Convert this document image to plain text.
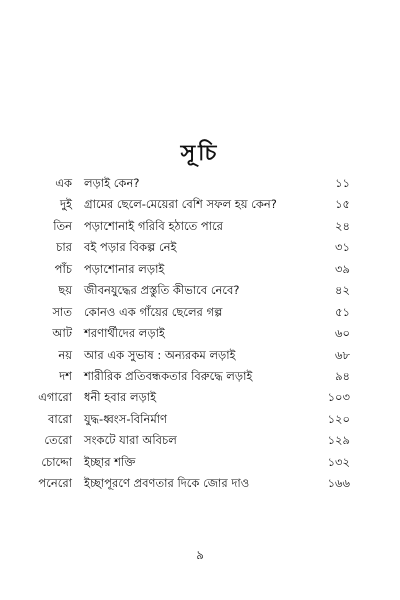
সূচি
এক লড়াই কেন?	১১
দুই গ্রামের ছেলে-মেয়েরা বেশি সফল হয় কেন?	১৫
তিন পড়াশোনাই গরিবি হঠাতে পারে	২৪
চার বই পড়ার বিকল্প নেই	৩১
পাঁচ পড়াশোনার লড়াই	৩৯
ছয় জীবনযুদ্ধের প্রস্তুতি কীভাবে নেবে?	৪২
সাত কোনও এক গাঁয়ের ছেলের গল্প	৫১
আট শরণার্থীদের লড়াই	৬০
নয় আর এক সুভাষ : অন্যরকম লড়াই	৬৮
দশ শারীরিক প্রতিবন্ধকতার বিরুদ্ধে লড়াই	৯৪
এগারো ধনী হবার লড়াই	১০৩
বারো যুদ্ধ-ধ্বংস-বিনির্মাণ	১২০
তেরো সংকটে যারা অবিচল	১২৯
চোদ্দো ইচ্ছার শক্তি	১৩২
পনেরো ইচ্ছাপূরণে প্রবণতার দিকে জোর দাও	১৬৬
৯
